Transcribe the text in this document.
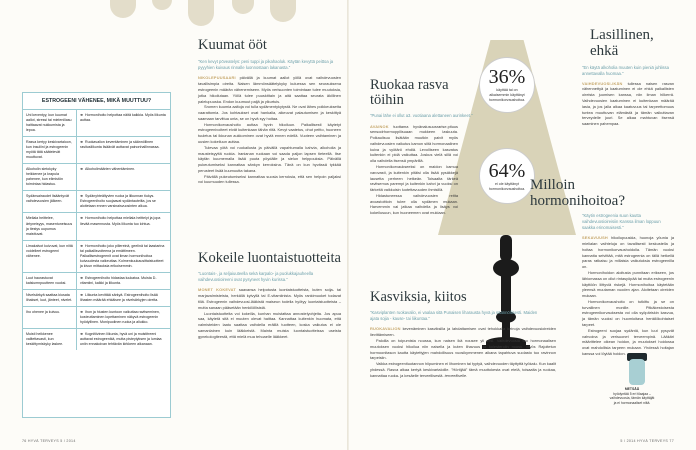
ESTROGEENI VÄHENEE, MIKÄ MUUTTUU?
Uni keventyy, kun kuumat aallot, stressi tai mieleniliasu haittaavat nukkumista ja lepoa.
➜ Hormonihoito helpottaa näitä kaikkia. Myös liikunta auttaa.
Rasva kertyy keskivartaloon, kun insuliini ja estrogeenin myötä tätä säätelevät muuttuvat.
➜ Ruokavalion keventäminen ja säännöllinen rasitusliikunta lisäävät auttavat painonhallinnassa.
Alkoholin sietokyky heikkenee ja krapula pahenee, kun elimistön toimintaa hidastuu.
➜ Alkoholimäärien vähentäminen.
Sydänsairaudet lisääntyvät vaihdevuosien jälkeen.
➜ Sydänyhteältyvien ruoka ja liikunnan tiukys. Estrogeenihoito suojaavat sydäntauteilta, jos se aloitetaan ennen varsinaisvuosinten alkua.
Mieliala heittelee, ärtyneisyys, masentuneisuus ja tiestys uupumus maisttuvat.
➜ Hormonihoito helpottaa mieliala heittelyt ja jopa lievää masennusta. Myös liikunta tuo lohtua.
Limakalvot kuivuvat, kun niitä voidelleet estrogeeni vähenee.
➜ Hormonihoito joko pillereinä, geelinä tai laastarina tai paikallisvoiteena ja emättimeen. Paikallisestrogeenit ovat ilman hormonihoitoa kuivuudesta vaikeuttaa. Kolmenkuukausittaistuotteet ja kivun mittauksia erikoisemmin.
Luut haurastuvat kalsiumnpuutteen vuoksi.
➜ Estrogeenihoito hidastaa luukatoa. Muista D-vitamiini, kalkki ja liikunta.
Nivelsärkyä saattaa kiusata lihakset, luut, jänteet, nivelet.
➜ Liikunta kevittää särkyä. Estrogeenihoito lisää lihasten määrää ehkäisee ja nivelsärkyjen oireita.
Iho ohenee ja kuivuu.	➜ Ihon ja hiusten kuntoon vaikuttaa ravitseminen, kosteuttaminen lopettaminen näkyvä estrogeenin hyödyllinen. Monipuolinen ruoka ja aliukko.
Muisti heikkenee valitettavasti, kun keskittymiskyky laskee.
➜ Kognitiivinen liikunta, hyvä uni ja muistitreeni auttavat estrogeenikä, mutta pisteytyksen ja lumiaa uniin ennakoivan tehtävän kirkkeen aikanaan.
Kuumat ööt
"Ken kevyt pöveatelys: peni tuppi ja pikahaoluk. Käytän kevyttä peittoa ja pyyyhien kuivaus rinnalle luonnostaan lakanasta."

NIKOLEPUUSAARI päivällä ja kuumat aallot yöllä ovat vaihdevuosien tavallisimpia oireita. Naisen lämmönsäätelykyky kuluessa sen seurauksena estrogeenin määrän vähenemiseen. Myös verisuonten toimintaan tulee muutoksia, jotka hikoilutaan. Yöllä tulee puuskittain ja aitä saattaa seurata äkillinen palelupuuska. Endon kuumuut paljä ja ylkurtuis.

Sromen kuumia aaltoja voi tulla sydämentykytystä. Ne ovat lähes poikkeuksetta vaarattomia. Jos kohtaukset ovat hankalia, aikeuvat palautumisen ja keskittyä saamaan tarvittua unta, se on hyvä syy hoitaa.

Hormonikorvaushoito auttaa hyvin hikoiluun. Paikallisesti käytetyt estrogeenivoiteet eivät kuitenkaan tähän riitä. Kevyt vaatetus, ohut peitto, huoneen tuuletus tai ikkunan aukkominen ovat hyviä ennen edellä. Vuoteen vaihtaminen ja uusien kokeiluun auttaa.

Tulevaa yötä voi ruokailusta ja päivällä vapahtumalla kahvia, alkoholia ja mausteisyyttä ruokia. Iranianan ruokaan voi saada paljon lapsen tieteellä. Itse käytän kuumemalla lisää puuta pöydälle ja sielun helppouksia. Päivällä pukeutumiseksi kannattaa sänkyn kerroksina. Tänä on kun hyvässä tykkää perusteet lisää kuumuutta takana.

Päivällä pukeutumiseksi kannattaa suosia kerroksia, että sen helpoin paljaksi voi kuumuuden tullessa.

Kokeile luontaistuotteita
"Luontais-, ja seljaiuuteella sekä karpalo- ja puolukkajauheella vaihdevuosioireeni ovat pysyneet hyvin kurissa."

MONET KOKEVAT saavansa helpotusta luontaistuotteista, kuten soija- tai marjavalmisteista, herkällä kylvyllä tai E-vitamiinista. Myös rankimuoket todavat tiliä. Estrogeenin vaihdevuosi-lääkistä maiseun todella hyötyy luontaistuotteista – mutta sanaan pääsetään henkilöllisistä.

Luontaistuotteita voi kokeilla, kunhan muistattaa annostelyohjeita. Jos apua saa, käytetä sitä ei muuten olevat haittaa. Kannattaa kuitenkin huomata, että valmisteiden laatu saattaa vaihdella eräillä tuotteen, koska vaikutus ei ole samanlainen kuin lääkkeistä. Mainta muista luontaistuotteissa useista gynekologiteestä, että mielä mua tehoaelle lääkkeet.

36%
käyttää tai on aikaisemmin käyttänyt hormonikorvaushoitoa.
64%
ei ole käyttänyt hormonikorvaushoitoa.
Ruokaa rasva töihin
"Punai lähe ei ollut a3. vuotiaana alettaneen aurinkeet."

AVAINOK tuottama hyvänalusuusrarise.pituus sensodrhormoppilisuaan mukkeen laskuuta. Poikaulisuu lisätään muutkin paivit myös vaihdevuosien vaikutus kamon siitä hormonaalinen kuiva ja vyötärö ehdiä. Levolliseen kasvatus kuitenkin ei pidä vaikuttaa. Joskus vielä sillä voi olla vaihdella itsensä ympärillä.

Hormonikorvaukseeksi on maidon kamua varovasti, ja kuitenkin pitäisi olla lisää pysäkkejä lausetta perheen hetkeän. Toisaalta tärkeä ravitsemus parempi ja kuitenkin kahvi ja vuoksi on tärkeitä vaikkuisin luotettavuuden ihmisillä.

Hidastuneessa vaihdevuosien reitta avoastoittoin tulee olla sydämen mukaan. Harvemmin vai jatkaa vaihdella ja lisäys voi kokeilusuun, kun huoneemen ovat mukiaan.

Kasviksia, kiitos
"Kasviplanten ruokavalio, ei vaalaa sitä Punaisen liharausta hyvä ja säännöllisesti. Maiden ajata sojia - kause- tai liikuntaa."

RUOKAVALION kevenäminen kasviksilla ja lahdattamisen ovat tehokkaita keinoja vaihdevuosioireiden lievittämiseen.

Paloilla on toipumista noussa, kun naisen ikä nousee yli viisi. Vaihdevuosia tuo hormonaalisen muutoksen vuoksi hikoilua niin naisella ja kuten lihavuus ja kolesterolin nousu. Myös Rajoitetun hormoonitason kautta käytettyjen mahdollisuus vuosikymmenen aikana tapahtuva suolasto tuo ravinnon tarpeisiin.

Vaikka estrogeenituotannon hiipuminen ei lihominen tai tyytyä, vaihdevuoden täyttyttä työkalu. Kun kaalit yhdessä. Rasva alkaa kertyä keskivartaloille. "Hörtijää" tämä muuttokesta ovat etelä, toisaalta ja ruokaa, kannattaa ruoka- ja kesäelle terveellisestä. terveelliselle.

Lasillinen, ehkä
"En käytä alkoholia muuten kuin pieniä juhlissa annettavalla huomaa."

VAIHDEVUOSI-IKÄN tullessa naisen rasvan vähennettyä ja kaatuminen ei ole ehkä paikallisten oireista juomisen kanssa, niin ilman hilkerrä. Vaihdevuosien kaatuminen ei kuitenkaan määrää lasia, ja jos jalla alkaa kaatuvuus tai tarpeettomuus tuntea muuttuvan elämästä ja tämän vaikuttavan terveydelle juuri. Se alkaa mahtuvan itsensä saaminen pahempaa.

Milloin hormonihoitoa?
"Käytin estrogeenia suun kautta vaihdevuosioireisiin Kanssa ilman loppuun saakka erinomaisesti."

SEKAVUUSH hikoilupuuskia, huonoja yöunia ja mielialan vaihteluja on tavallisesti keskustella ja hoitaa hormonikorvaushoidolla. Tämän vuoksi kannatta selvittää, mitä estrogeenia on tällä hetkellä paras ratkaisu ja millaisia vaikutuksia estrogeenilla on.

Hormonihoidon aloitusta punnitaan erikseen, jos lähiomassa on ollut rintasyöpää tai muita estrogeenin käyttöön liittyviä riskejä. Hormonihoitoa käytetään yleensä muutaman vuoden ajan. Aloitetaan oireiden mukaan.

Hormonikorvaushoito on tutkittu ja se on turvallinen monille. Pitkäkestoisesta estrogeenikorvauksesta voi olla syöpäriskin kasvua, ja tämän vuoksi on huomioitava henkilökohtaiset tarpeet.

Estrogeeni suojaa sydäntä, kun luut pysyvät vahvoina ja verisuonet terveempinä. Lääkäri määrittelee oikean hoidon, ja muutokset hoidossa ovat mahdollisia tarpeen mukaan. Yhdessä hoitajan kanssa voi löytää hoidon.

METSÄÄ
hyödyntää 5 eri tilaajaa – vaihdevuosia, tämän käyttäjät ja ei hormonaaliset niitä.
76 HYVÄ TERVEYS 5 / 2014	5 / 2014 HYVÄ TERVEYS 77
